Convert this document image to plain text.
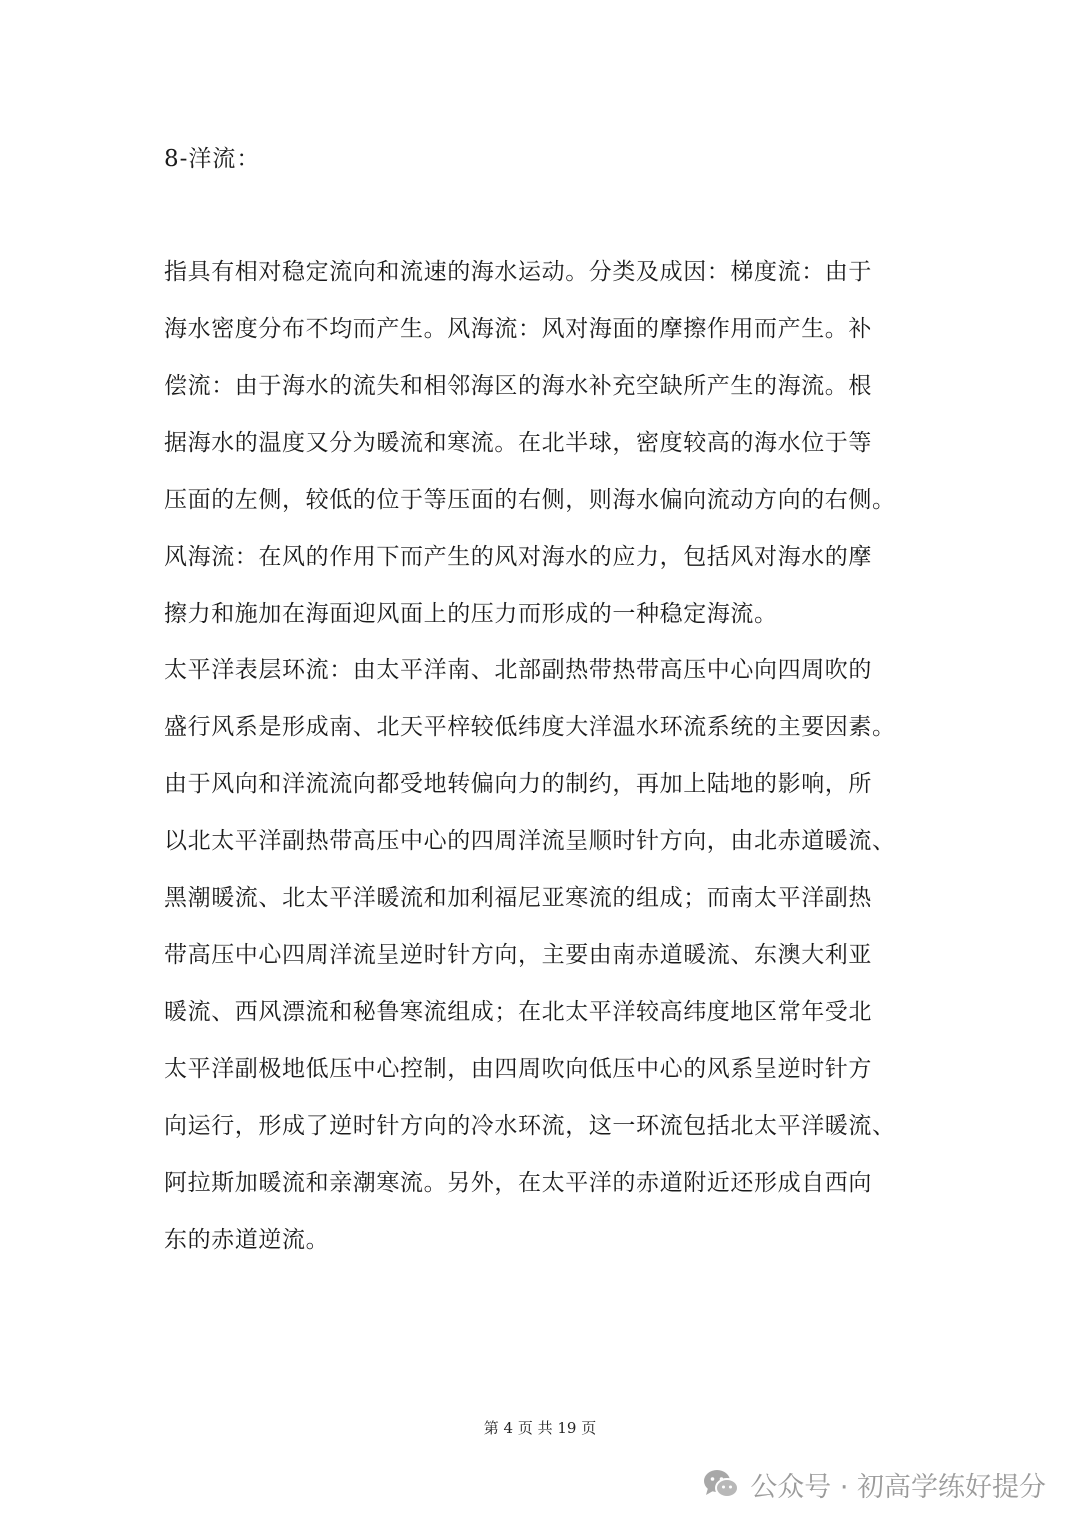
8-洋流：
指具有相对稳定流向和流速的海水运动。分类及成因：梯度流：由于
海水密度分布不均而产生。风海流：风对海面的摩擦作用而产生。补
偿流：由于海水的流失和相邻海区的海水补充空缺所产生的海流。根
据海水的温度又分为暖流和寒流。在北半球，密度较高的海水位于等
压面的左侧，较低的位于等压面的右侧，则海水偏向流动方向的右侧。
风海流：在风的作用下而产生的风对海水的应力，包括风对海水的摩
擦力和施加在海面迎风面上的压力而形成的一种稳定海流。
太平洋表层环流：由太平洋南、北部副热带热带高压中心向四周吹的
盛行风系是形成南、北天平梓较低纬度大洋温水环流系统的主要因素。
由于风向和洋流流向都受地转偏向力的制约，再加上陆地的影响，所
以北太平洋副热带高压中心的四周洋流呈顺时针方向，由北赤道暖流、
黑潮暖流、北太平洋暖流和加利福尼亚寒流的组成；而南太平洋副热
带高压中心四周洋流呈逆时针方向，主要由南赤道暖流、东澳大利亚
暖流、西风漂流和秘鲁寒流组成；在北太平洋较高纬度地区常年受北
太平洋副极地低压中心控制，由四周吹向低压中心的风系呈逆时针方
向运行，形成了逆时针方向的冷水环流，这一环流包括北太平洋暖流、
阿拉斯加暖流和亲潮寒流。另外，在太平洋的赤道附近还形成自西向
东的赤道逆流。
第 4 页 共 19 页
公众号 · 初高学练好提分
